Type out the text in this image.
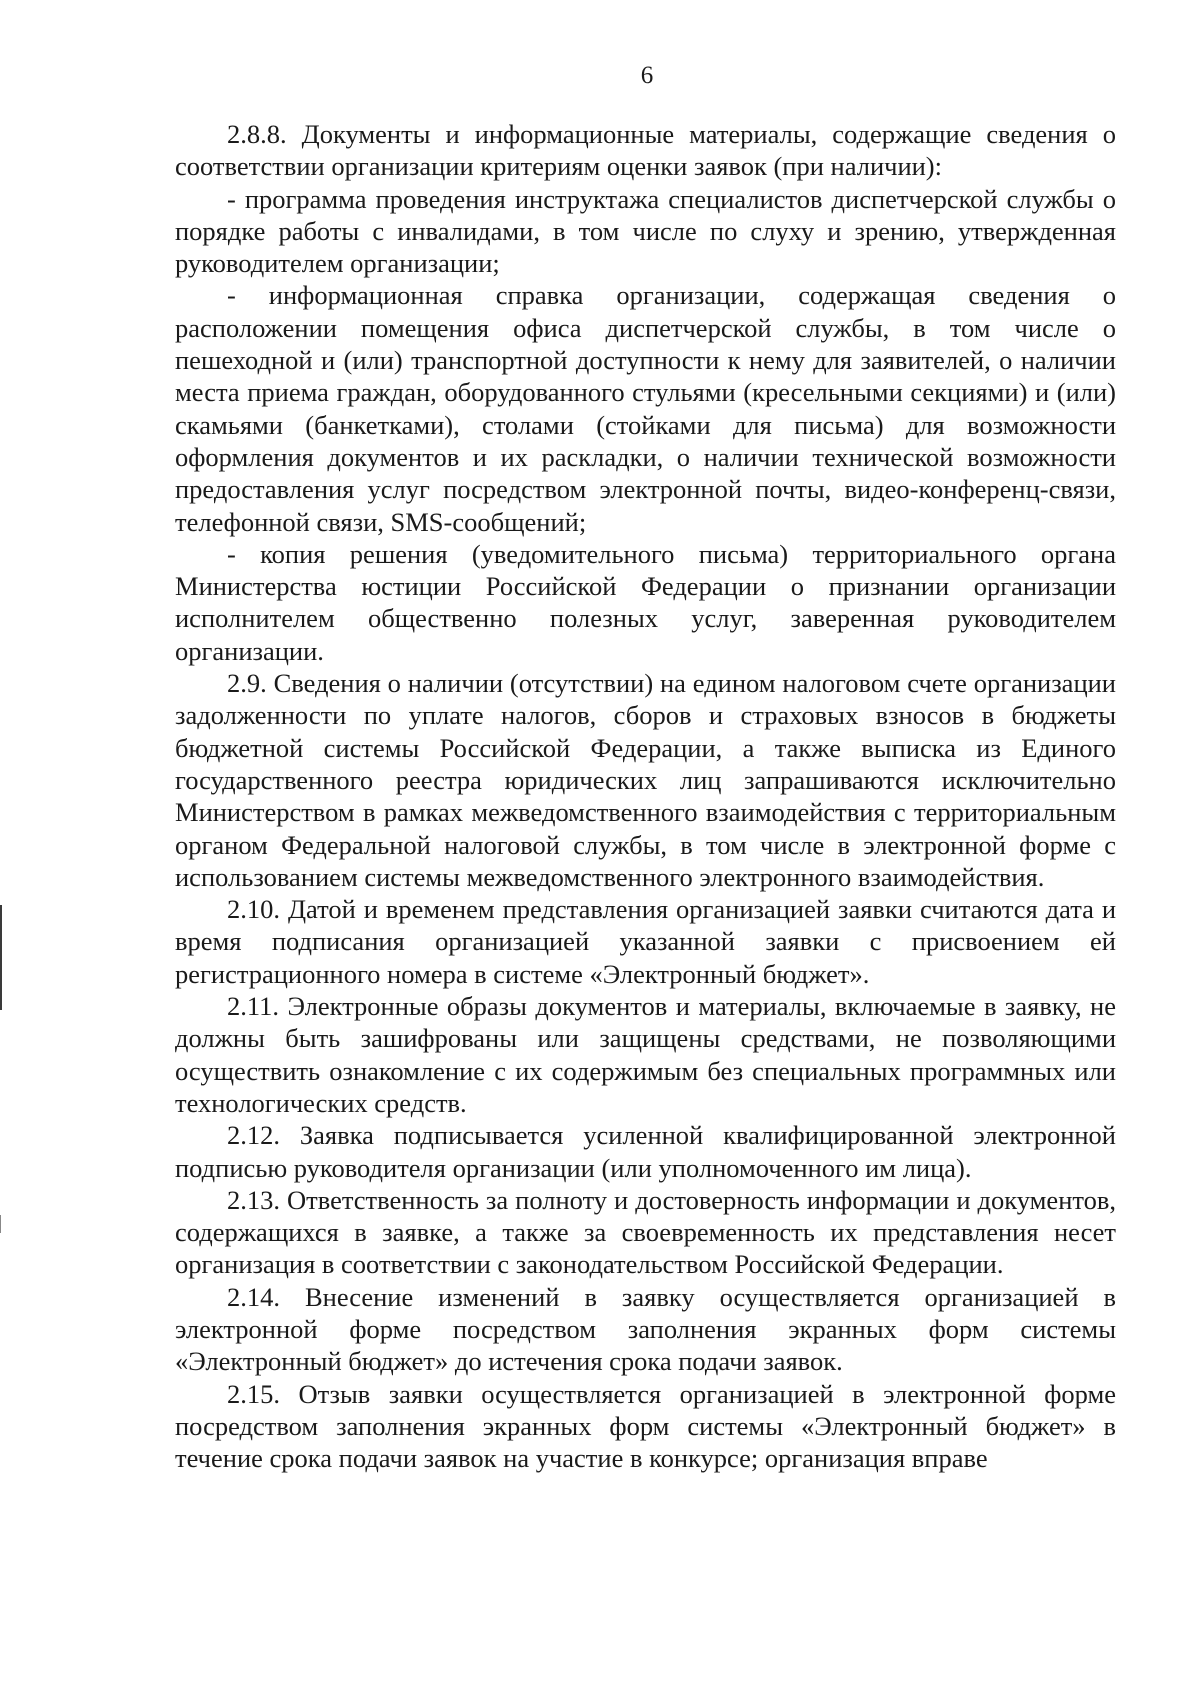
6

2.8.8. Документы и информационные материалы, содержащие сведения о соответствии организации критериям оценки заявок (при наличии):

- программа проведения инструктажа специалистов диспетчерской службы о порядке работы с инвалидами, в том числе по слуху и зрению, утвержденная руководителем организации;

- информационная справка организации, содержащая сведения о расположении помещения офиса диспетчерской службы, в том числе о пешеходной и (или) транспортной доступности к нему для заявителей, о наличии места приема граждан, оборудованного стульями (кресельными секциями) и (или) скамьями (банкетками), столами (стойками для письма) для возможности оформления документов и их раскладки, о наличии технической возможности предоставления услуг посредством электронной почты, видео-конференц-связи, телефонной связи, SMS-сообщений;

- копия решения (уведомительного письма) территориального органа Министерства юстиции Российской Федерации о признании организации исполнителем общественно полезных услуг, заверенная руководителем организации.

2.9. Сведения о наличии (отсутствии) на едином налоговом счете организации задолженности по уплате налогов, сборов и страховых взносов в бюджеты бюджетной системы Российской Федерации, а также выписка из Единого государственного реестра юридических лиц запрашиваются исключительно Министерством в рамках межведомственного взаимодействия с территориальным органом Федеральной налоговой службы, в том числе в электронной форме с использованием системы межведомственного электронного взаимодействия.

2.10. Датой и временем представления организацией заявки считаются дата и время подписания организацией указанной заявки с присвоением ей регистрационного номера в системе «Электронный бюджет».

2.11. Электронные образы документов и материалы, включаемые в заявку, не должны быть зашифрованы или защищены средствами, не позволяющими осуществить ознакомление с их содержимым без специальных программных или технологических средств.

2.12. Заявка подписывается усиленной квалифицированной электронной подписью руководителя организации (или уполномоченного им лица).

2.13. Ответственность за полноту и достоверность информации и документов, содержащихся в заявке, а также за своевременность их представления несет организация в соответствии с законодательством Российской Федерации.

2.14. Внесение изменений в заявку осуществляется организацией в электронной форме посредством заполнения экранных форм системы «Электронный бюджет» до истечения срока подачи заявок.

2.15. Отзыв заявки осуществляется организацией в электронной форме посредством заполнения экранных форм системы «Электронный бюджет» в течение срока подачи заявок на участие в конкурсе; организация вправе
